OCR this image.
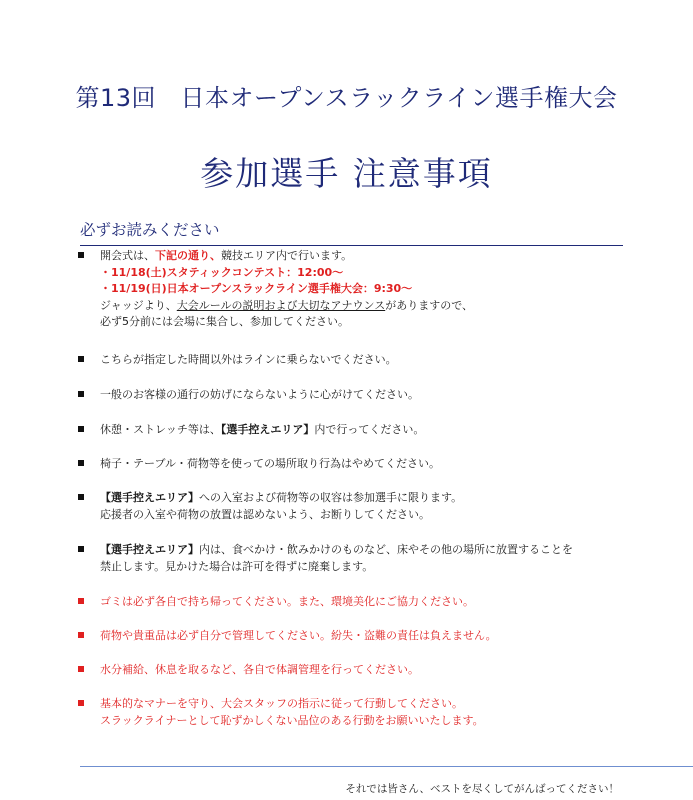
第13回　日本オープンスラックライン選手権大会
参加選手 注意事項
必ずお読みください
開会式は、下記の通り、競技エリア内で行います。
・11/18(土)スタティックコンテスト：12:00～
・11/19(日)日本オープンスラックライン選手権大会：9:30～
ジャッジより、大会ルールの説明および大切なアナウンスがありますので、
必ず5分前には会場に集合し、参加してください。
こちらが指定した時間以外はラインに乗らないでください。
一般のお客様の通行の妨げにならないように心がけてください。
休憩・ストレッチ等は、【選手控えエリア】内で行ってください。
椅子・テーブル・荷物等を使っての場所取り行為はやめてください。
【選手控えエリア】への入室および荷物等の収容は参加選手に限ります。
応援者の入室や荷物の放置は認めないよう、お断りしてください。
【選手控えエリア】内は、食べかけ・飲みかけのものなど、床やその他の場所に放置することを
禁止します。見かけた場合は許可を得ずに廃棄します。
ゴミは必ず各自で持ち帰ってください。また、環境美化にご協力ください。
荷物や貴重品は必ず自分で管理してください。紛失・盗難の責任は負えません。
水分補給、休息を取るなど、各自で体調管理を行ってください。
基本的なマナーを守り、大会スタッフの指示に従って行動してください。
スラックライナーとして恥ずかしくない品位のある行動をお願いいたします。
それでは皆さん、ベストを尽くしてがんばってください！
